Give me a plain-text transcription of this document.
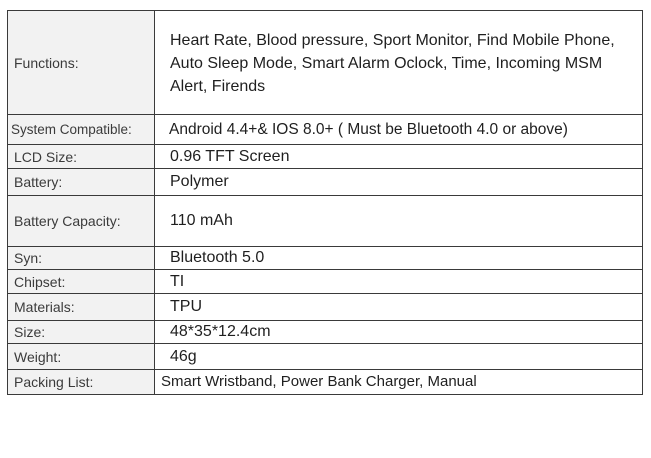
Functions:	Heart Rate, Blood pressure, Sport Monitor, Find Mobile Phone, Auto Sleep Mode, Smart Alarm Oclock, Time, Incoming MSM Alert, Firends
System Compatible:	Android 4.4+& IOS 8.0+ ( Must be Bluetooth 4.0 or above)
LCD Size:	0.96 TFT Screen
Battery:	Polymer
Battery Capacity:	110 mAh
Syn:	Bluetooth 5.0
Chipset:	TI
Materials:	TPU
Size:	48*35*12.4cm
Weight:	46g
Packing List:	Smart Wristband, Power Bank Charger, Manual
